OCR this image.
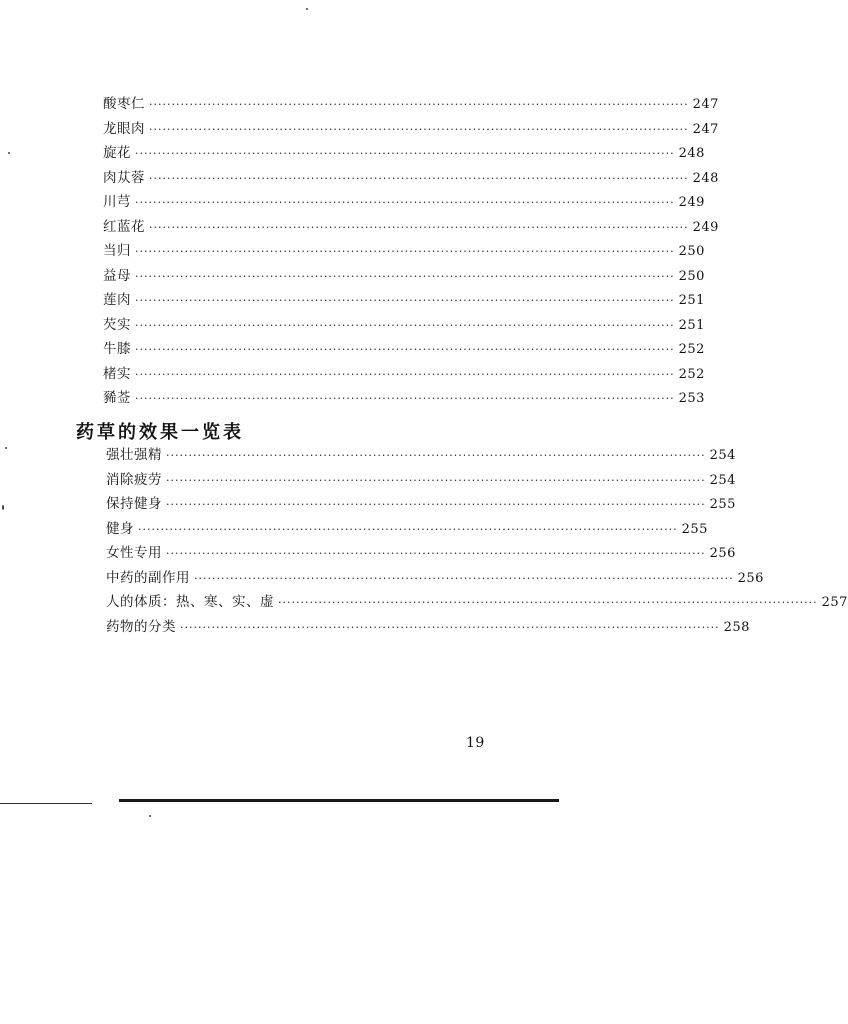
酸枣仁 ························································································································ 247
龙眼肉 ························································································································ 247
旋花 ························································································································ 248
肉苁蓉 ························································································································ 248
川芎 ························································································································ 249
红蓝花 ························································································································ 249
当归 ························································································································ 250
益母 ························································································································ 250
莲肉 ························································································································ 251
芡实 ························································································································ 251
牛膝 ························································································································ 252
楮实 ························································································································ 252
豨莶 ························································································································ 253
药草的效果一览表
强壮强精 ························································································································ 254
消除疲劳 ························································································································ 254
保持健身 ························································································································ 255
健身 ························································································································ 255
女性专用 ························································································································ 256
中药的副作用 ························································································································ 256
人的体质：热、寒、实、虚 ························································································································ 257
药物的分类 ························································································································ 258
19
